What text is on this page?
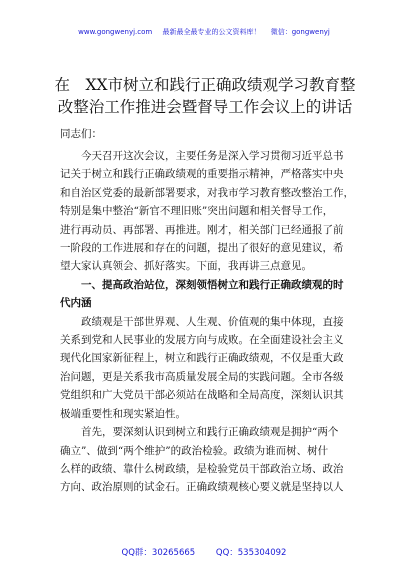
www.gongwenyj.com 最新最全最专业的公文资料库！ 微信：gongwenyj
在　XX市树立和践行正确政绩观学习教育整
改整治工作推进会暨督导工作会议上的讲话
同志们：
今天召开这次会议，主要任务是深入学习贯彻习近平总书
记关于树立和践行正确政绩观的重要指示精神，严格落实中央
和自治区党委的最新部署要求，对我市学习教育整改整治工作，
特别是集中整治“新官不理旧账”突出问题和相关督导工作，
进行再动员、再部署、再推进。刚才，相关部门已经通报了前
一阶段的工作进展和存在的问题，提出了很好的意见建议，希
望大家认真领会、抓好落实。下面，我再讲三点意见。
一、提高政治站位，深刻领悟树立和践行正确政绩观的时
代内涵
政绩观是干部世界观、人生观、价值观的集中体现，直接
关系到党和人民事业的发展方向与成败。在全面建设社会主义
现代化国家新征程上，树立和践行正确政绩观，不仅是重大政
治问题，更是关系我市高质量发展全局的实践问题。全市各级
党组织和广大党员干部必须站在战略和全局高度，深刻认识其
极端重要性和现实紧迫性。
首先，要深刻认识到树立和践行正确政绩观是拥护“两个
确立”、做到“两个维护”的政治检验。政绩为谁而树、树什
么样的政绩、靠什么树政绩，是检验党员干部政治立场、政治
方向、政治原则的试金石。正确政绩观核心要义就是坚持以人
QQ群：30265665 QQ：535304092
